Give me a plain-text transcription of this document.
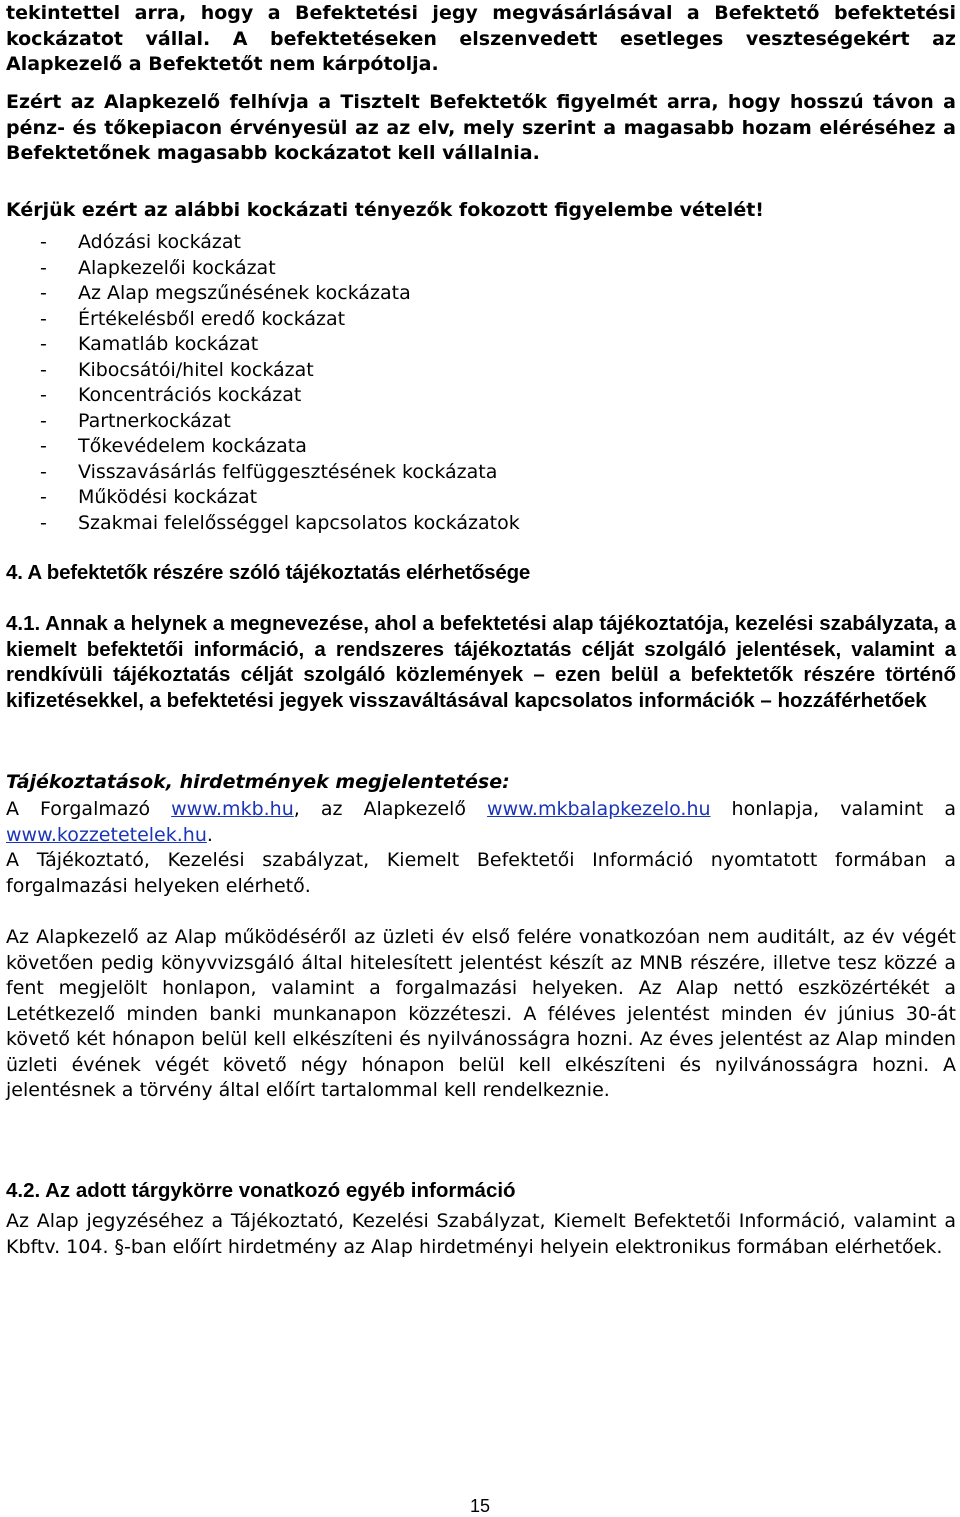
tekintettel arra, hogy a Befektetési jegy megvásárlásával a Befektető befektetési kockázatot vállal. A befektetéseken elszenvedett esetleges veszteségekért az Alapkezelő a Befektetőt nem kárpótolja.

Ezért az Alapkezelő felhívja a Tisztelt Befektetők figyelmét arra, hogy hosszú távon a pénz- és tőkepiacon érvényesül az az elv, mely szerint a magasabb hozam eléréséhez a Befektetőnek magasabb kockázatot kell vállalnia.

Kérjük ezért az alábbi kockázati tényezők fokozott figyelembe vételét!

-	Adózási kockázat
-	Alapkezelői kockázat
-	Az Alap megszűnésének kockázata
-	Értékelésből eredő kockázat
-	Kamatláb kockázat
-	Kibocsátói/hitel kockázat
-	Koncentrációs kockázat
-	Partnerkockázat
-	Tőkevédelem kockázata
-	Visszavásárlás felfüggesztésének kockázata
-	Működési kockázat
-	Szakmai felelősséggel kapcsolatos kockázatok
4. A befektetők részére szóló tájékoztatás elérhetősége

4.1. Annak a helynek a megnevezése, ahol a befektetési alap tájékoztatója, kezelési szabályzata, a kiemelt befektetői információ, a rendszeres tájékoztatás célját szolgáló jelentések, valamint a rendkívüli tájékoztatás célját szolgáló közlemények – ezen belül a befektetők részére történő kifizetésekkel, a befektetési jegyek visszaváltásával kapcsolatos információk – hozzáférhetőek

Tájékoztatások, hirdetmények megjelentetése:

A Forgalmazó www.mkb.hu, az Alapkezelő www.mkbalapkezelo.hu honlapja, valamint a www.kozzetetelek.hu.

A Tájékoztató, Kezelési szabályzat, Kiemelt Befektetői Információ nyomtatott formában a forgalmazási helyeken elérhető.

Az Alapkezelő az Alap működéséről az üzleti év első felére vonatkozóan nem auditált, az év végét követően pedig könyvvizsgáló által hitelesített jelentést készít az MNB részére, illetve tesz közzé a fent megjelölt honlapon, valamint a forgalmazási helyeken. Az Alap nettó eszközértékét a Letétkezelő minden banki munkanapon közzéteszi. A féléves jelentést minden év június 30-át követő két hónapon belül kell elkészíteni és nyilvánosságra hozni. Az éves jelentést az Alap minden üzleti évének végét követő négy hónapon belül kell elkészíteni és nyilvánosságra hozni. A jelentésnek a törvény által előírt tartalommal kell rendelkeznie.

4.2. Az adott tárgykörre vonatkozó egyéb információ

Az Alap jegyzéséhez a Tájékoztató, Kezelési Szabályzat, Kiemelt Befektetői Információ, valamint a Kbftv. 104. §-ban előírt hirdetmény az Alap hirdetményi helyein elektronikus formában elérhetőek.

15
